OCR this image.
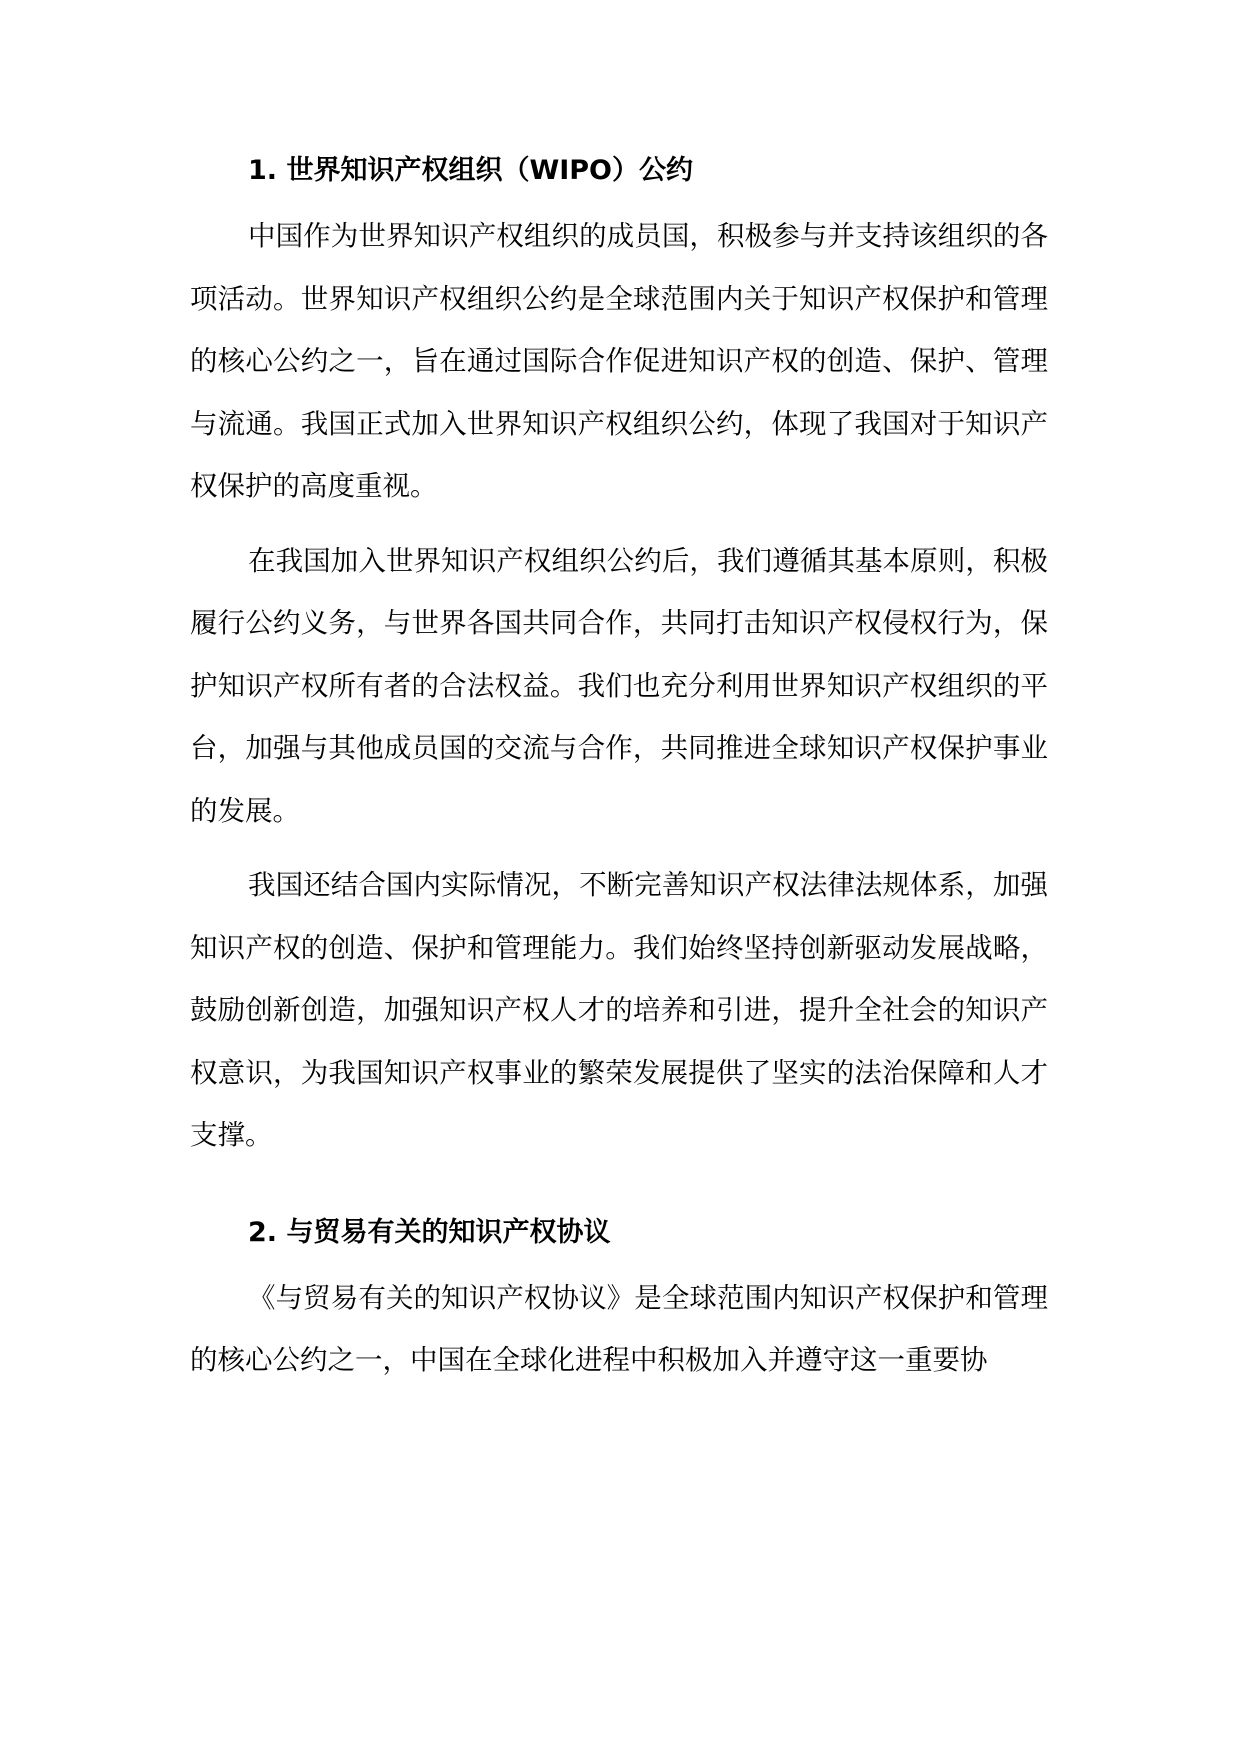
1. 世界知识产权组织（WIPO）公约

中国作为世界知识产权组织的成员国，积极参与并支持该组织的各项活动。世界知识产权组织公约是全球范围内关于知识产权保护和管理的核心公约之一，旨在通过国际合作促进知识产权的创造、保护、管理与流通。我国正式加入世界知识产权组织公约，体现了我国对于知识产权保护的高度重视。

在我国加入世界知识产权组织公约后，我们遵循其基本原则，积极履行公约义务，与世界各国共同合作，共同打击知识产权侵权行为，保护知识产权所有者的合法权益。我们也充分利用世界知识产权组织的平台，加强与其他成员国的交流与合作，共同推进全球知识产权保护事业的发展。

我国还结合国内实际情况，不断完善知识产权法律法规体系，加强知识产权的创造、保护和管理能力。我们始终坚持创新驱动发展战略，鼓励创新创造，加强知识产权人才的培养和引进，提升全社会的知识产权意识，为我国知识产权事业的繁荣发展提供了坚实的法治保障和人才支撑。

2. 与贸易有关的知识产权协议

《与贸易有关的知识产权协议》是全球范围内知识产权保护和管理的核心公约之一，中国在全球化进程中积极加入并遵守这一重要协
